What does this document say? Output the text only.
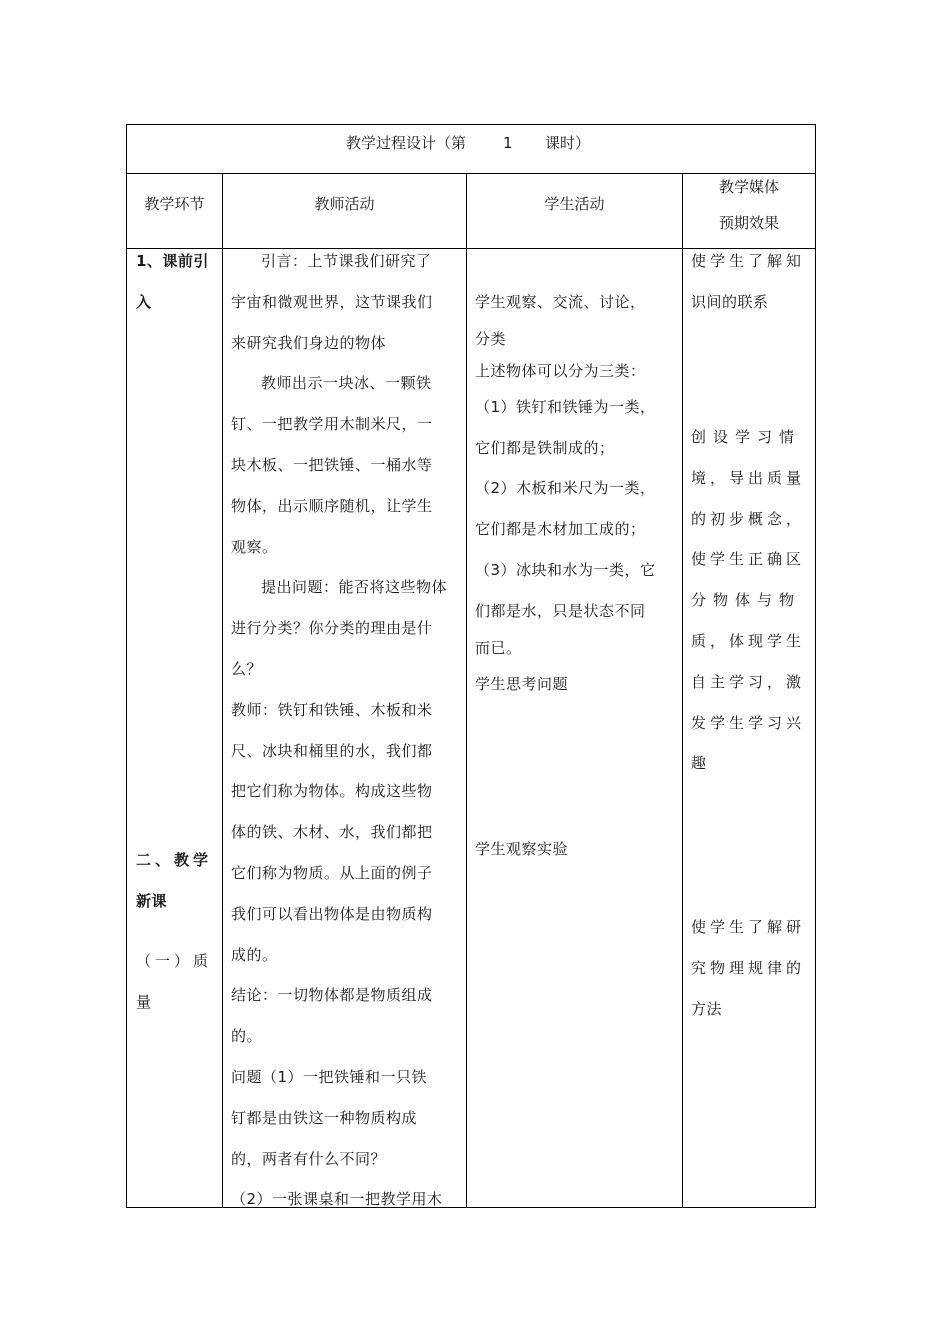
教学过程设计（第 1 课时）
教学环节	教师活动	学生活动
教学媒体
预期效果

1、课前引

入

二、教学

新课

（一）质

量

引言：上节课我们研究了

宇宙和微观世界，这节课我们

来研究我们身边的物体

教师出示一块冰、一颗铁

钉、一把教学用木制米尺，一

块木板、一把铁锤、一桶水等

物体，出示顺序随机，让学生

观察。

提出问题：能否将这些物体

进行分类？你分类的理由是什

么？

教师：铁钉和铁锤、木板和米

尺、冰块和桶里的水，我们都

把它们称为物体。构成这些物

体的铁、木材、水，我们都把

它们称为物质。从上面的例子

我们可以看出物体是由物质构

成的。

结论：一切物体都是物质组成

的。

问题（1）一把铁锤和一只铁

钉都是由铁这一种物质构成

的，两者有什么不同？

（2）一张课桌和一把教学用木

学生观察、交流、讨论，

分类

上述物体可以分为三类：

（1）铁钉和铁锤为一类，

它们都是铁制成的；

（2）木板和米尺为一类，

它们都是木材加工成的；

（3）冰块和水为一类，它

们都是水，只是状态不同

而已。

学生思考问题

学生观察实验

使学生了解知

识间的联系

创设学习情

境，导出质量

的初步概念，

使学生正确区

分物体与物

质，体现学生

自主学习，激

发学生学习兴

趣

使学生了解研

究物理规律的

方法
